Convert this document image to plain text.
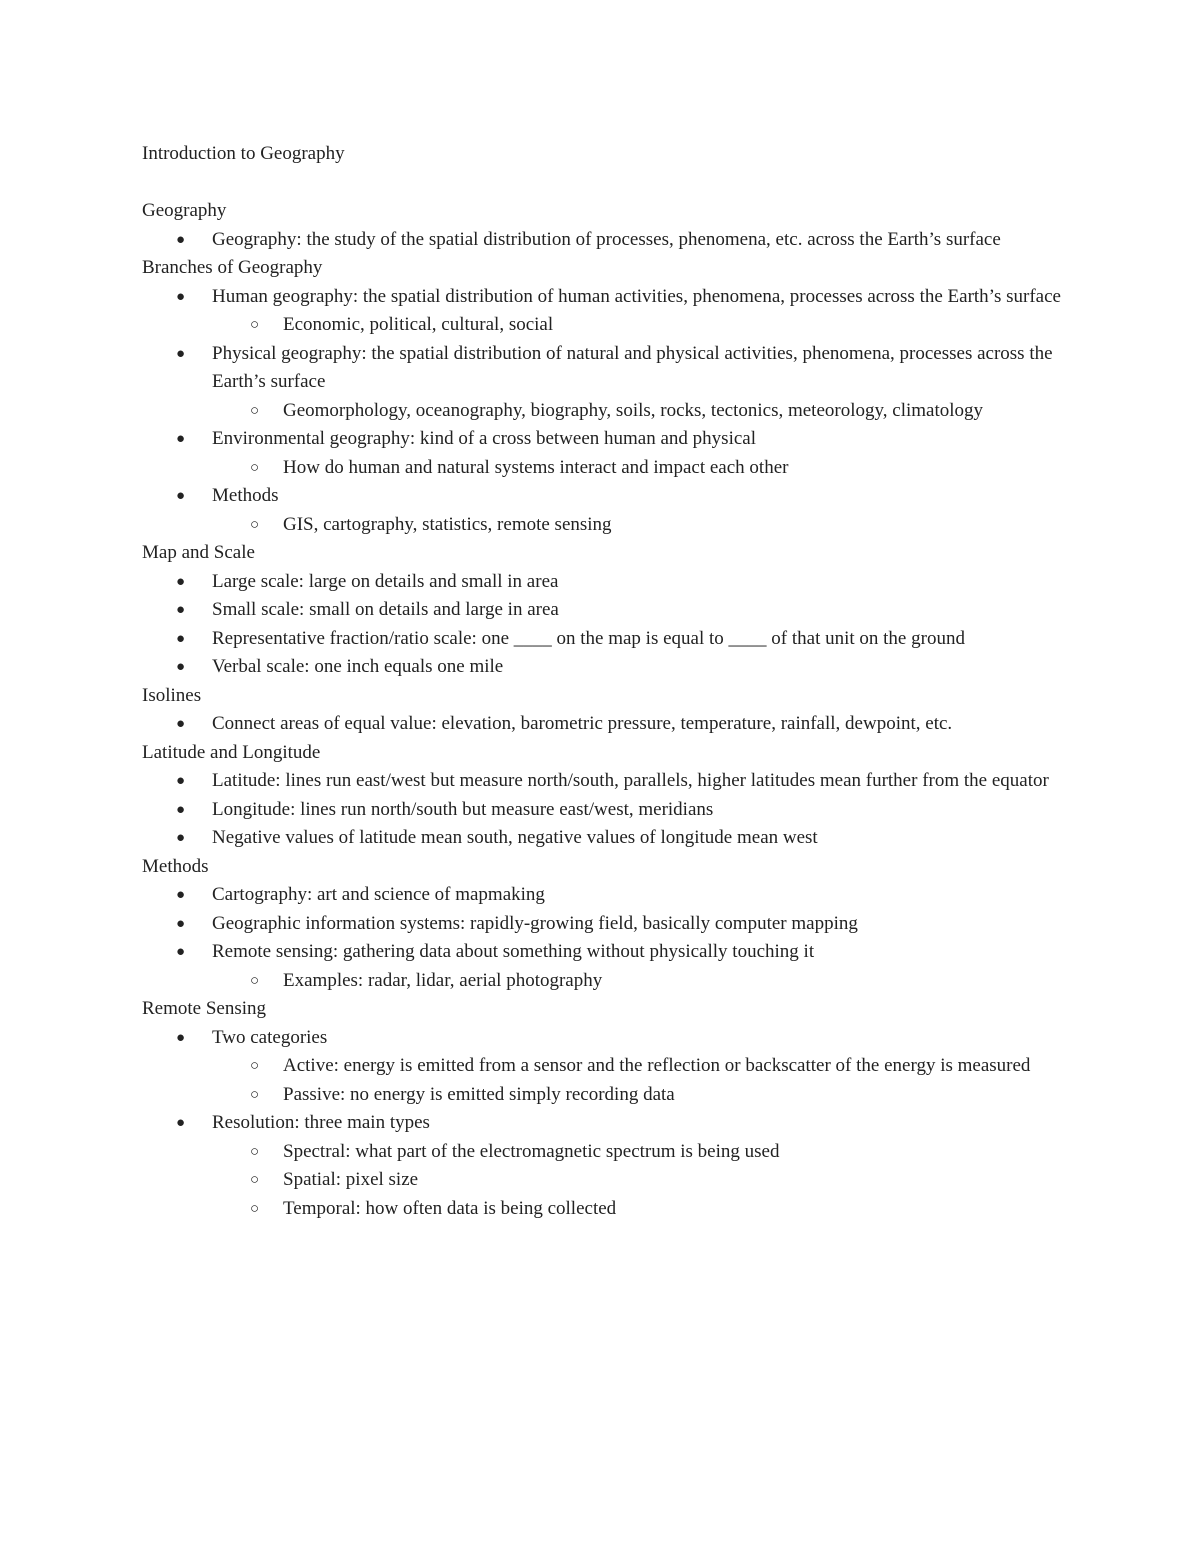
Introduction to Geography
Geography
● Geography: the study of the spatial distribution of processes, phenomena, etc. across the Earth’s surface
Branches of Geography
● Human geography: the spatial distribution of human activities, phenomena, processes across the Earth’s surface
○ Economic, political, cultural, social
● Physical geography: the spatial distribution of natural and physical activities, phenomena, processes across the Earth’s surface
○ Geomorphology, oceanography, biography, soils, rocks, tectonics, meteorology, climatology
● Environmental geography: kind of a cross between human and physical
○ How do human and natural systems interact and impact each other
● Methods
○ GIS, cartography, statistics, remote sensing
Map and Scale
● Large scale: large on details and small in area
● Small scale: small on details and large in area
● Representative fraction/ratio scale: one ____ on the map is equal to ____ of that unit on the ground
● Verbal scale: one inch equals one mile
Isolines
● Connect areas of equal value: elevation, barometric pressure, temperature, rainfall, dewpoint, etc.
Latitude and Longitude
● Latitude: lines run east/west but measure north/south, parallels, higher latitudes mean further from the equator
● Longitude: lines run north/south but measure east/west, meridians
● Negative values of latitude mean south, negative values of longitude mean west
Methods
● Cartography: art and science of mapmaking
● Geographic information systems: rapidly-growing field, basically computer mapping
● Remote sensing: gathering data about something without physically touching it
○ Examples: radar, lidar, aerial photography
Remote Sensing
● Two categories
○ Active: energy is emitted from a sensor and the reflection or backscatter of the energy is measured
○ Passive: no energy is emitted simply recording data
● Resolution: three main types
○ Spectral: what part of the electromagnetic spectrum is being used
○ Spatial: pixel size
○ Temporal: how often data is being collected
